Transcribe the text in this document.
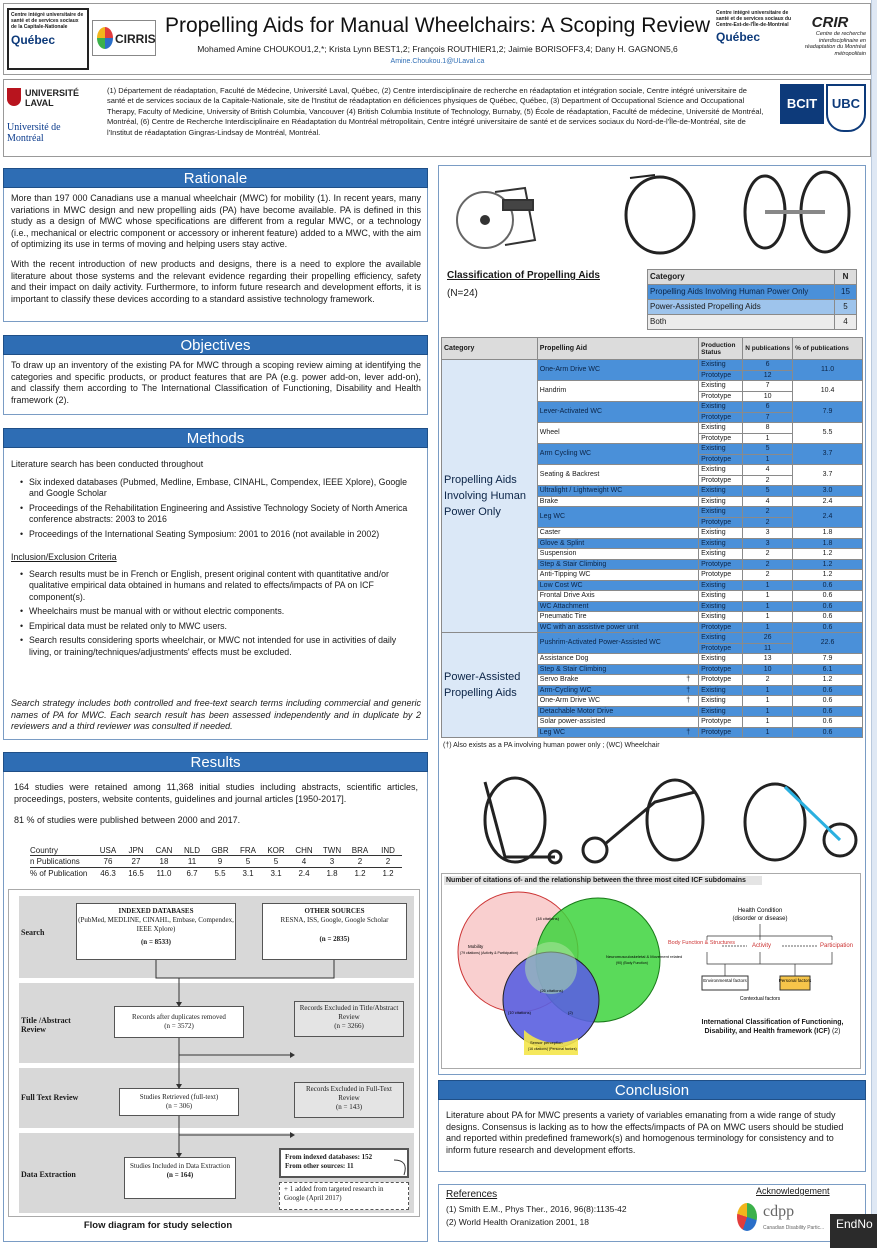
Centre intégré universitaire de santé et de services sociaux de la Capitale-Nationale
Québec	CIRRIS
Propelling Aids for Manual Wheelchairs: A Scoping Review
Mohamed Amine CHOUKOU1,2,*; Krista Lynn BEST1,2; François ROUTHIER1,2; Jaimie BORISOFF3,4; Dany H. GAGNON5,6
Amine.Choukou.1@ULaval.ca
Centre intégré universitaire de santé et de services sociaux du Centre-Est-de-l'Île-de-Montréal
Québec
CRIR
Centre de recherche interdisciplinaire en réadaptation du Montréal métropolitain
UNIVERSITÉ LAVAL
Université de Montréal
(1) Département de réadaptation, Faculté de Médecine, Université Laval, Québec, (2) Centre interdisciplinaire de recherche en réadaptation et intégration sociale, Centre intégré universitaire de santé et de services sociaux de la Capitale-Nationale, site de l'Institut de réadaptation en déficiences physiques de Québec, Québec, (3) Department of Occupational Science and Occupational Therapy, Faculty of Medicine, University of British Columbia, Vancouver (4) British Columbia Institute of Technology, Burnaby, (5) École de réadaptation, Faculté de médecine, Université de Montréal, Montréal, (6) Centre de Recherche Interdisciplinaire en Réadaptation du Montréal métropolitain, Centre intégré universitaire de santé et de services sociaux du Nord-de-l'Île-de-Montréal, site de l'Institut de réadaptation Gingras-Lindsay de Montréal, Montréal.
BCIT	UBC
Rationale
More than 197 000 Canadians use a manual wheelchair (MWC) for mobility (1). In recent years, many variations in MWC design and new propelling aids (PA) have become available. PA is defined in this study as a design of MWC whose specifications are different from a regular MWC, or a technology (i.e., mechanical or electric component or accessory or inherent feature) added to a MWC, with the aim of optimizing its use in terms of moving and helping users stay active.
With the recent introduction of new products and designs, there is a need to explore the available literature about those systems and the relevant evidence regarding their propelling efficiency, safety and their impact on daily activity. Furthermore, to inform future research and development efforts, it is important to classify these devices according to a standard assistive technology framework.
Objectives
To draw up an inventory of the existing PA for MWC through a scoping review aiming at identifying the categories and specific products, or product features that are PA (e.g. power add-on, lever add-on), and classify them according to The International Classification of Functioning, Disability and Health framework (2).
Methods
Literature search has been conducted throughout
• Six indexed databases (Pubmed, Medline, Embase, CINAHL, Compendex, IEEE Xplore), Google and Google Scholar
• Proceedings of the Rehabilitation Engineering and Assistive Technology Society of North America conference abstracts: 2003 to 2016
• Proceedings of the International Seating Symposium: 2001 to 2016 (not available in 2002)
Inclusion/Exclusion Criteria
• Search results must be in French or English, present original content with quantitative and/or qualitative empirical data obtained in humans and related to effects/impacts of PA on ICF component(s).
• Wheelchairs must be manual with or without electric components.
• Empirical data must be related only to MWC users.
• Search results considering sports wheelchair, or MWC not intended for use in activities of daily living, or training/techniques/adjustments' effects must be excluded.
Search strategy includes both controlled and free-text search terms including commercial and generic names of PA for MWC. Each search result has been assessed independently and in duplicate by 2 reviewers and a third reviewer was consulted if needed.
Results
164 studies were retained among 11,368 initial studies including abstracts, scientific articles, proceedings, posters, website contents, guidelines and journal articles [1950-2017].
81 % of studies were published between 2000 and 2017.
Country	USA	JPN	CAN	NLD	GBR	FRA	KOR	CHN	TWN	BRA	IND
n Publications	76	27	18	11	9	5	5	4	3	2	2
% of Publication	46.3	16.5	11.0	6.7	5.5	3.1	3.1	2.4	1.8	1.2	1.2
Search
Title /Abstract Review
Full Text Review
Data Extraction
INDEXED DATABASES
(PubMed, MEDLINE, CINAHL, Embase, Compendex, IEEE Xplore)
(n = 8533)
OTHER SOURCES
RESNA, ISS, Google, Google Scholar
(n = 2835)
Records after duplicates removed
(n = 3572)
Records Excluded in Title/Abstract Review
(n = 3266)
Studies Retrieved (full-text)
(n = 306)
Records Excluded in Full-Text Review
(n = 143)
Studies Included in Data Extraction
(n = 164)
From indexed databases: 152
From other sources: 11
+ 1 added from targeted research in Google (April 2017)
Flow diagram for study selection
Classification of Propelling Aids
(N=24)
Category	N
Propelling Aids Involving Human Power Only	15
Power-Assisted Propelling Aids	5
Both	4
Category	Propelling Aid	Production Status	N publications	% of publications
Propelling Aids Involving Human Power Only	One-Arm Drive WC	Existing	6	11.0
		Prototype	12	
	Handrim	Existing	7	10.4
		Prototype	10	
	Lever-Activated WC	Existing	6	7.9
		Prototype	7	
	Wheel	Existing	8	5.5
		Prototype	1	
	Arm Cycling WC	Existing	5	3.7
		Prototype	1	
	Seating & Backrest	Existing	4	3.7
		Prototype	2	
	Ultralight / Lightweight WC	Existing	5	3.0
	Brake	Existing	4	2.4
	Leg WC	Existing	2	2.4
		Prototype	2	
	Caster	Existing	3	1.8
	Glove & Splint	Existing	3	1.8
	Suspension	Existing	2	1.2
	Step & Stair Climbing	Prototype	2	1.2
	Anti-Tipping WC	Prototype	2	1.2
	Low Cost WC	Existing	1	0.6
	Frontal Drive Axis	Existing	1	0.6
	WC Attachment	Existing	1	0.6
	Pneumatic Tire	Existing	1	0.6
	WC with an assistive power unit	Prototype	1	0.6
Power-Assisted Propelling Aids	Pushrim-Activated Power-Assisted WC	Existing	26	22.6
		Prototype	11	
	Assistance Dog	Existing	13	7.9
	Step & Stair Climbing	Prototype	10	6.1
	Servo Brake †	Prototype	2	1.2
	Arm-Cycling WC †	Existing	1	0.6
	One-Arm Drive WC †	Existing	1	0.6
	Detachable Motor Drive	Existing	1	0.6
	Solar power-assisted	Prototype	1	0.6
	Leg WC †	Prototype	1	0.6
(†) Also exists as a PA involving human power only ; (WC) Wheelchair
Number of citations of- and the relationship between the three most cited ICF subdomains
Mobility
(79 citations) (Activity & Participation)
Neuromusculoskeletal & Movement related
(90) (Body Function)
(18 citations)
(26 citations)
(10 citations)	(2)
Sensor perception
(16 citations) (Personal factors)
Health Condition
(disorder or disease)
Body Function & Structures	Activity	Participation
Environmental factors	Personal factors
Contextual factors
International Classification of Functioning, Disability, and Health framework (ICF) (2)
Conclusion
Literature about PA for MWC presents a variety of variables emanating from a wide range of study designs. Consensus is lacking as to how the effects/impacts of PA on MWC users should be studied and reported within predefined framework(s) and homogenous terminology for consistency and to inform future research and development efforts.
References
(1) Smith E.M., Phys Ther., 2016, 96(8):1135-42
(2) World Health Oranization 2001, 18
Acknowledgement
cdpp
Canadian Disability Partic... EndNo
